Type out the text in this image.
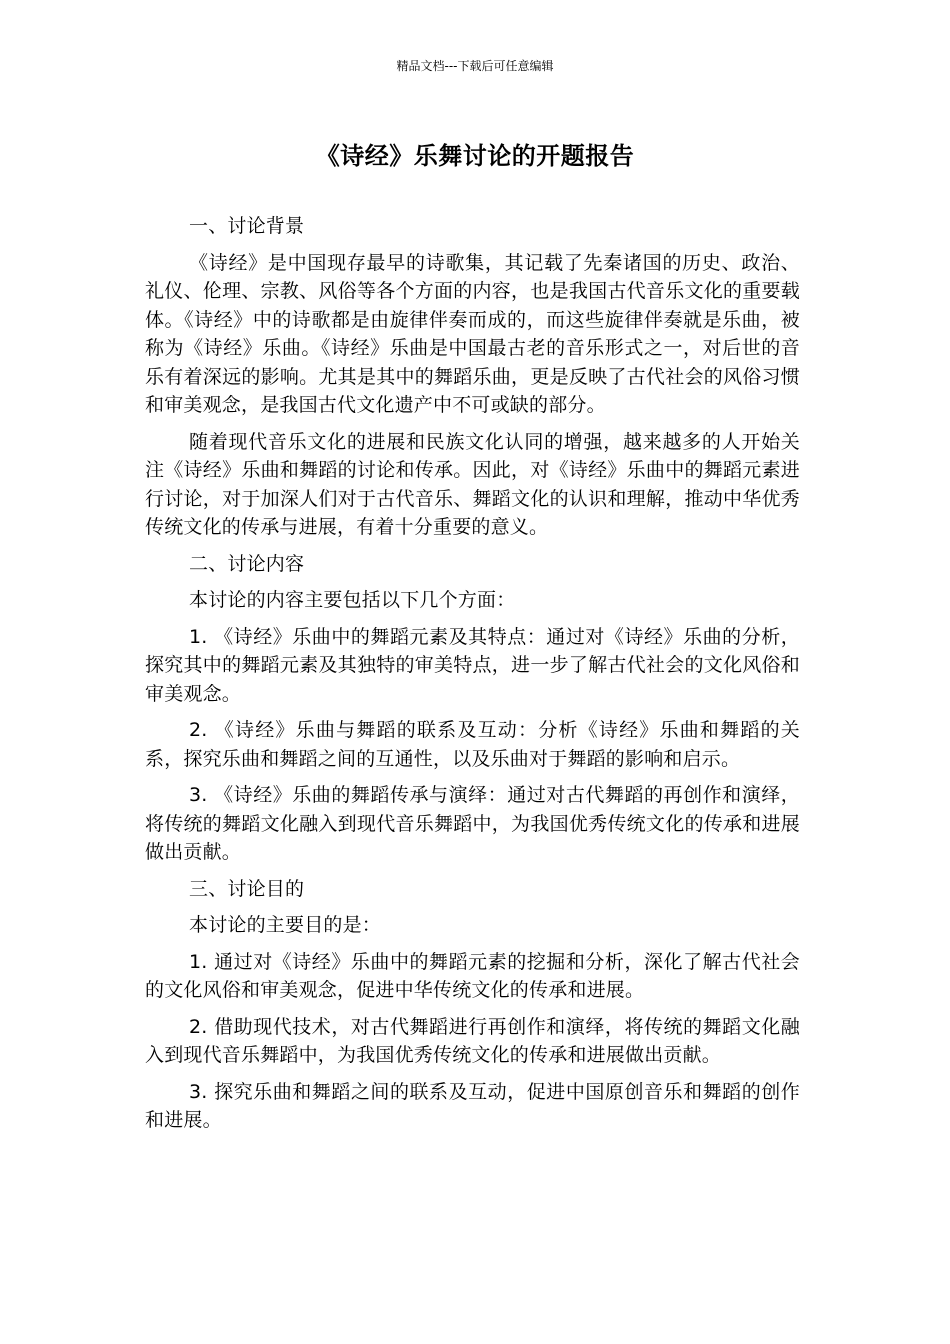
精品文档---下载后可任意编辑
《诗经》乐舞讨论的开题报告

一、讨论背景

《诗经》是中国现存最早的诗歌集，其记载了先秦诸国的历史、政治、礼仪、伦理、宗教、风俗等各个方面的内容，也是我国古代音乐文化的重要载体。《诗经》中的诗歌都是由旋律伴奏而成的，而这些旋律伴奏就是乐曲，被称为《诗经》乐曲。《诗经》乐曲是中国最古老的音乐形式之一，对后世的音乐有着深远的影响。尤其是其中的舞蹈乐曲，更是反映了古代社会的风俗习惯和审美观念，是我国古代文化遗产中不可或缺的部分。

随着现代音乐文化的进展和民族文化认同的增强，越来越多的人开始关注《诗经》乐曲和舞蹈的讨论和传承。因此，对《诗经》乐曲中的舞蹈元素进行讨论，对于加深人们对于古代音乐、舞蹈文化的认识和理解，推动中华优秀传统文化的传承与进展，有着十分重要的意义。

二、讨论内容

本讨论的内容主要包括以下几个方面：

1. 《诗经》乐曲中的舞蹈元素及其特点：通过对《诗经》乐曲的分析，探究其中的舞蹈元素及其独特的审美特点，进一步了解古代社会的文化风俗和审美观念。

2. 《诗经》乐曲与舞蹈的联系及互动：分析《诗经》乐曲和舞蹈的关系，探究乐曲和舞蹈之间的互通性，以及乐曲对于舞蹈的影响和启示。

3. 《诗经》乐曲的舞蹈传承与演绎：通过对古代舞蹈的再创作和演绎，将传统的舞蹈文化融入到现代音乐舞蹈中，为我国优秀传统文化的传承和进展做出贡献。

三、讨论目的

本讨论的主要目的是：

1. 通过对《诗经》乐曲中的舞蹈元素的挖掘和分析，深化了解古代社会的文化风俗和审美观念，促进中华传统文化的传承和进展。

2. 借助现代技术，对古代舞蹈进行再创作和演绎，将传统的舞蹈文化融入到现代音乐舞蹈中，为我国优秀传统文化的传承和进展做出贡献。

3. 探究乐曲和舞蹈之间的联系及互动，促进中国原创音乐和舞蹈的创作和进展。
